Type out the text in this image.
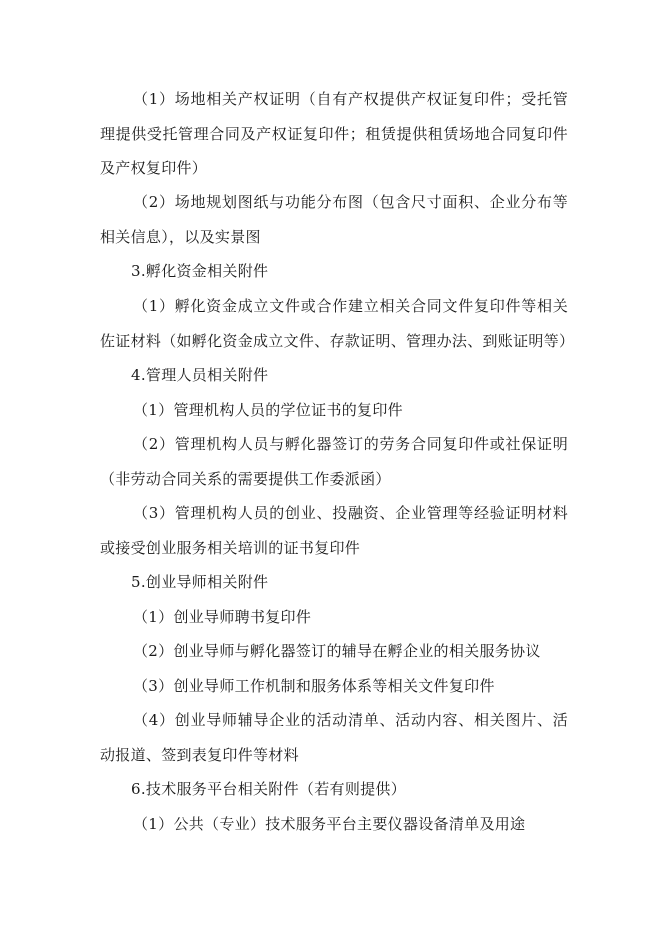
（1）场地相关产权证明（自有产权提供产权证复印件；受托管理提供受托管理合同及产权证复印件；租赁提供租赁场地合同复印件及产权复印件）

（2）场地规划图纸与功能分布图（包含尺寸面积、企业分布等相关信息），以及实景图

3.孵化资金相关附件

（1）孵化资金成立文件或合作建立相关合同文件复印件等相关佐证材料（如孵化资金成立文件、存款证明、管理办法、到账证明等）

4.管理人员相关附件

（1）管理机构人员的学位证书的复印件

（2）管理机构人员与孵化器签订的劳务合同复印件或社保证明（非劳动合同关系的需要提供工作委派函）

（3）管理机构人员的创业、投融资、企业管理等经验证明材料或接受创业服务相关培训的证书复印件

5.创业导师相关附件

（1）创业导师聘书复印件

（2）创业导师与孵化器签订的辅导在孵企业的相关服务协议

（3）创业导师工作机制和服务体系等相关文件复印件

（4）创业导师辅导企业的活动清单、活动内容、相关图片、活动报道、签到表复印件等材料

6.技术服务平台相关附件（若有则提供）

（1）公共（专业）技术服务平台主要仪器设备清单及用途
